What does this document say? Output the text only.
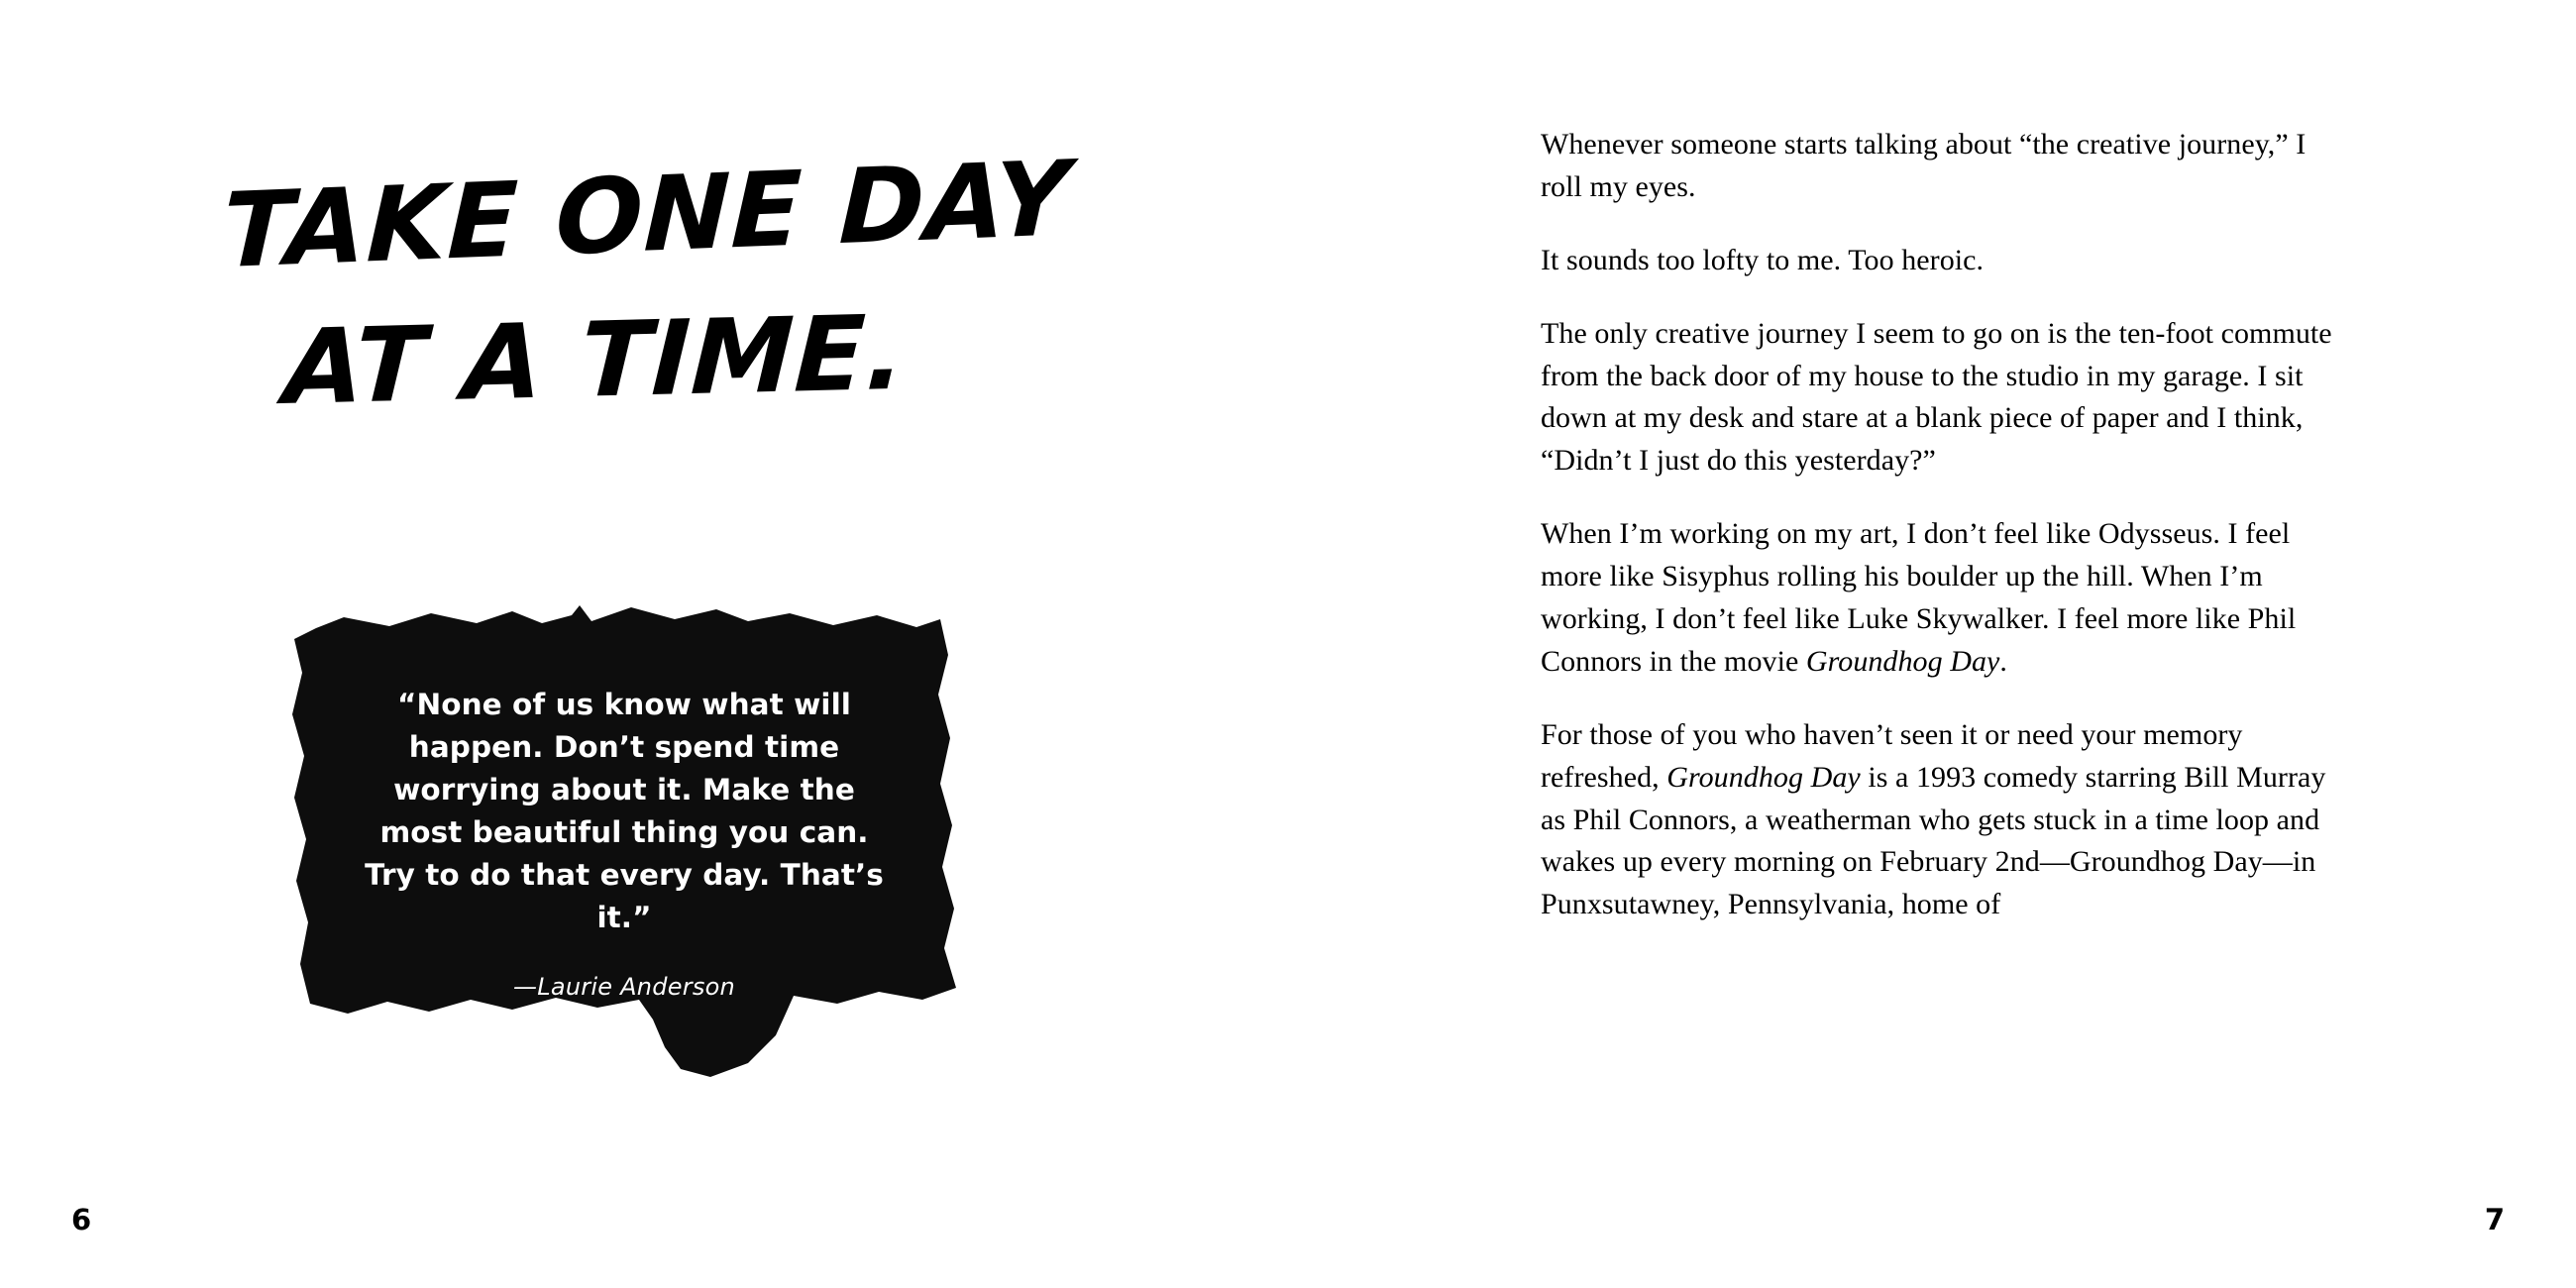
TAKE ONE DAY
AT A TIME.

“None of us know what will happen. Don’t spend time worrying about it. Make the most beautiful thing you can. Try to do that every day. That’s it.”

—Laurie Anderson
6

Whenever someone starts talking about “the creative journey,” I roll my eyes.

It sounds too lofty to me. Too heroic.

The only creative journey I seem to go on is the ten-foot commute from the back door of my house to the studio in my garage. I sit down at my desk and stare at a blank piece of paper and I think, “Didn’t I just do this yesterday?”

When I’m working on my art, I don’t feel like Odysseus. I feel more like Sisyphus rolling his boulder up the hill. When I’m working, I don’t feel like Luke Skywalker. I feel more like Phil Connors in the movie Groundhog Day.

For those of you who haven’t seen it or need your memory refreshed, Groundhog Day is a 1993 comedy starring Bill Murray as Phil Connors, a weatherman who gets stuck in a time loop and wakes up every morning on February 2nd—Groundhog Day—in Punxsutawney, Pennsylvania, home of

7
